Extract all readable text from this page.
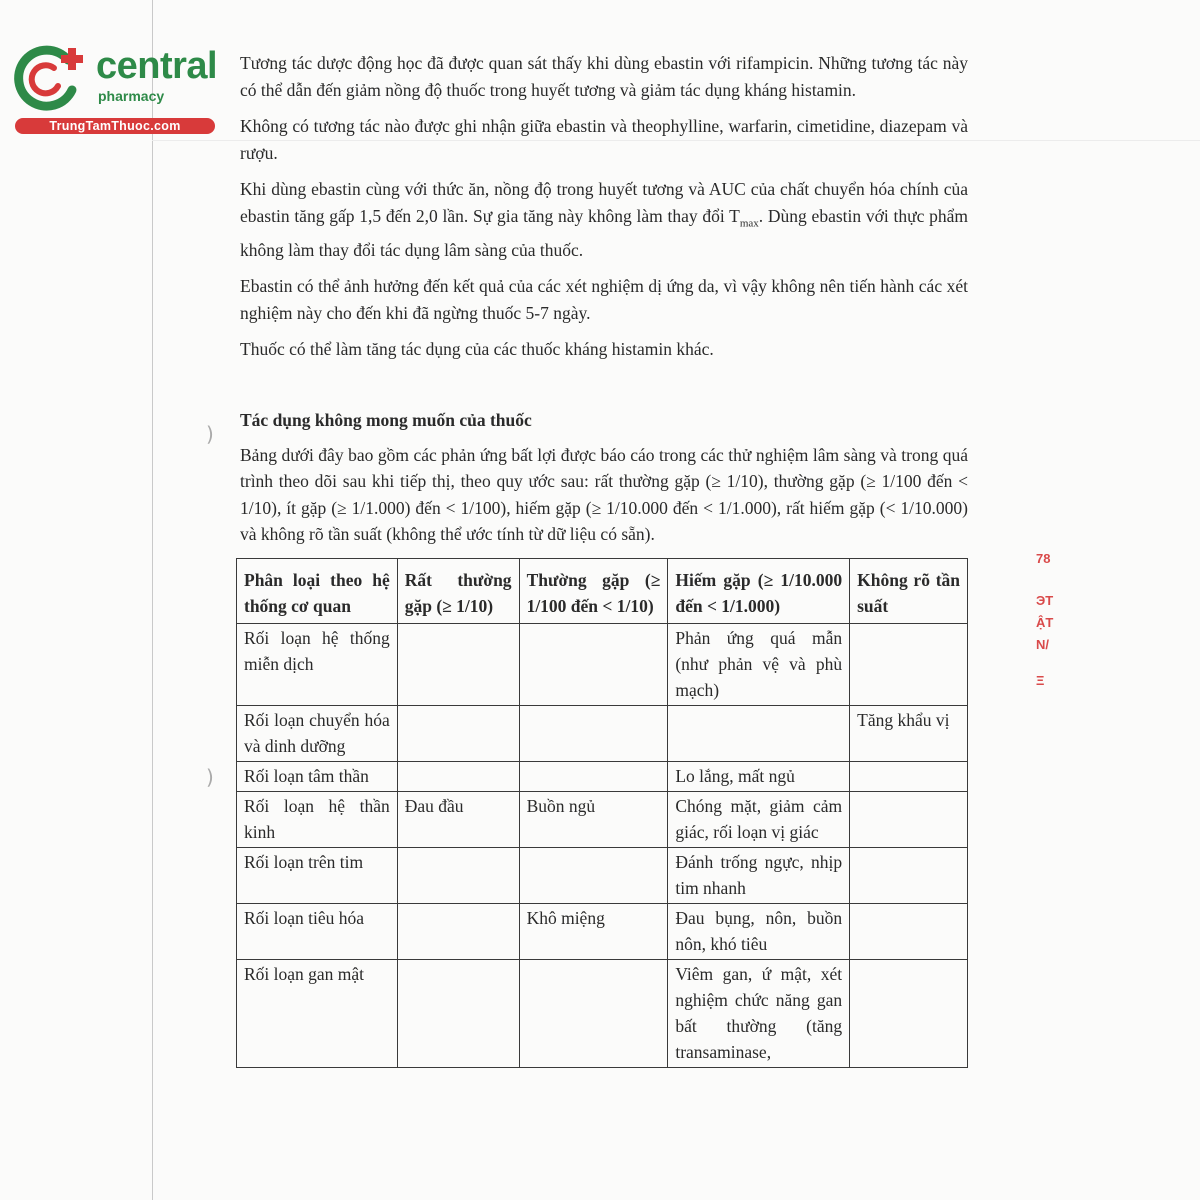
central
pharmacy
TrungTamThuoc.com
)
)

Tương tác dược động học đã được quan sát thấy khi dùng ebastin với rifampicin. Những tương tác này có thể dẫn đến giảm nồng độ thuốc trong huyết tương và giảm tác dụng kháng histamin.

Không có tương tác nào được ghi nhận giữa ebastin và theophylline, warfarin, cimetidine, diazepam và rượu.

Khi dùng ebastin cùng với thức ăn, nồng độ trong huyết tương và AUC của chất chuyển hóa chính của ebastin tăng gấp 1,5 đến 2,0 lần. Sự gia tăng này không làm thay đổi $T_{max}$. Dùng ebastin với thực phẩm không làm thay đổi tác dụng lâm sàng của thuốc.

Ebastin có thể ảnh hưởng đến kết quả của các xét nghiệm dị ứng da, vì vậy không nên tiến hành các xét nghiệm này cho đến khi đã ngừng thuốc 5-7 ngày.

Thuốc có thể làm tăng tác dụng của các thuốc kháng histamin khác.

Tác dụng không mong muốn của thuốc

Bảng dưới đây bao gồm các phản ứng bất lợi được báo cáo trong các thử nghiệm lâm sàng và trong quá trình theo dõi sau khi tiếp thị, theo quy ước sau: rất thường gặp (≥ 1/10), thường gặp (≥ 1/100 đến < 1/10), ít gặp (≥ 1/1.000) đến < 1/100), hiếm gặp (≥ 1/10.000 đến < 1/1.000), rất hiếm gặp (< 1/10.000) và không rõ tần suất (không thể ước tính từ dữ liệu có sẵn).

Phân loại theo hệ thống cơ quan	Rất thường gặp (≥ 1/10)	Thường gặp (≥ 1/100 đến < 1/10)	Hiếm gặp (≥ 1/10.000 đến < 1/1.000)	Không rõ tần suất
Rối loạn hệ thống miễn dịch			Phản ứng quá mẫn (như phản vệ và phù mạch)	
Rối loạn chuyển hóa và dinh dưỡng				Tăng khẩu vị
Rối loạn tâm thần			Lo lắng, mất ngủ	
Rối loạn hệ thần kinh	Đau đầu	Buồn ngủ	Chóng mặt, giảm cảm giác, rối loạn vị giác	
Rối loạn trên tim			Đánh trống ngực, nhịp tim nhanh	
Rối loạn tiêu hóa		Khô miệng	Đau bụng, nôn, buồn nôn, khó tiêu	
Rối loạn gan mật			Viêm gan, ứ mật, xét nghiệm chức năng gan bất thường (tăng transaminase,	
78
ЭT
ẬT
N/
Ξ
